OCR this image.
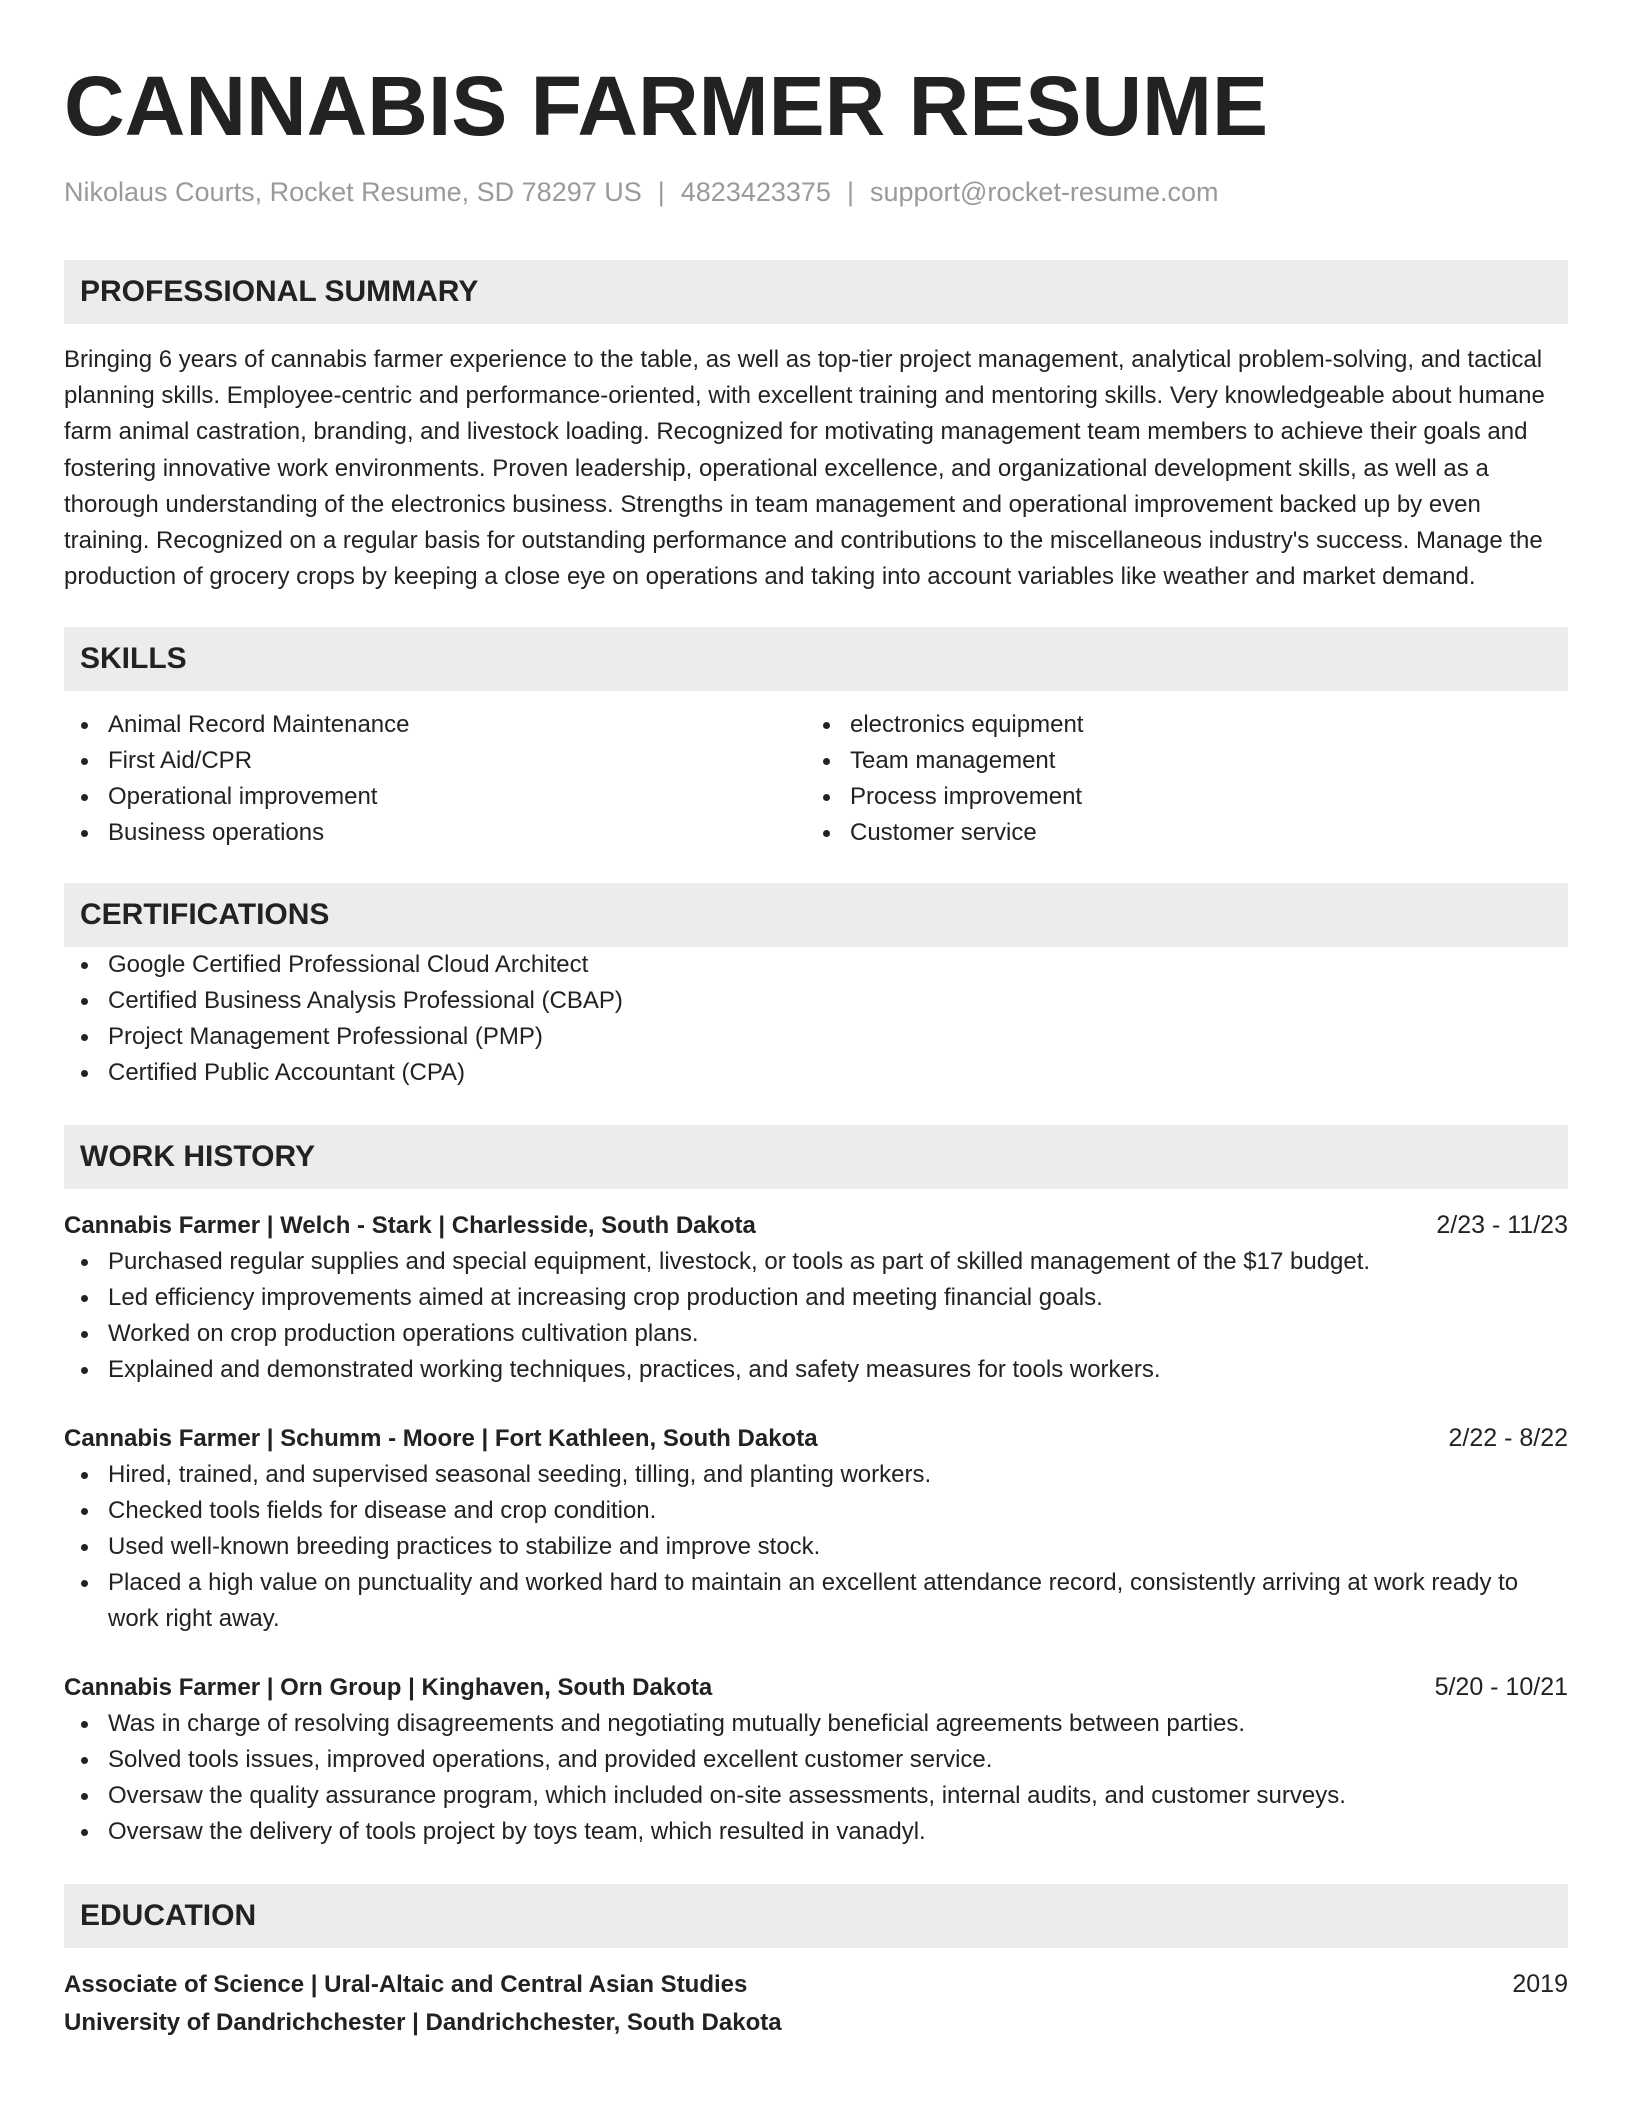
CANNABIS FARMER RESUME
Nikolaus Courts, Rocket Resume, SD 78297 US | 4823423375 | support@rocket-resume.com
PROFESSIONAL SUMMARY
Bringing 6 years of cannabis farmer experience to the table, as well as top-tier project management, analytical problem-solving, and tactical planning skills. Employee-centric and performance-oriented, with excellent training and mentoring skills. Very knowledgeable about humane farm animal castration, branding, and livestock loading. Recognized for motivating management team members to achieve their goals and fostering innovative work environments. Proven leadership, operational excellence, and organizational development skills, as well as a thorough understanding of the electronics business. Strengths in team management and operational improvement backed up by even training. Recognized on a regular basis for outstanding performance and contributions to the miscellaneous industry's success. Manage the production of grocery crops by keeping a close eye on operations and taking into account variables like weather and market demand.
SKILLS
Animal Record Maintenance
First Aid/CPR
Operational improvement
Business operations
electronics equipment
Team management
Process improvement
Customer service
CERTIFICATIONS
Google Certified Professional Cloud Architect
Certified Business Analysis Professional (CBAP)
Project Management Professional (PMP)
Certified Public Accountant (CPA)
WORK HISTORY
Cannabis Farmer | Welch - Stark | Charlesside, South Dakota	2/23 - 11/23
Purchased regular supplies and special equipment, livestock, or tools as part of skilled management of the $17 budget.
Led efficiency improvements aimed at increasing crop production and meeting financial goals.
Worked on crop production operations cultivation plans.
Explained and demonstrated working techniques, practices, and safety measures for tools workers.
Cannabis Farmer | Schumm - Moore | Fort Kathleen, South Dakota	2/22 - 8/22
Hired, trained, and supervised seasonal seeding, tilling, and planting workers.
Checked tools fields for disease and crop condition.
Used well-known breeding practices to stabilize and improve stock.
Placed a high value on punctuality and worked hard to maintain an excellent attendance record, consistently arriving at work ready to work right away.
Cannabis Farmer | Orn Group | Kinghaven, South Dakota	5/20 - 10/21
Was in charge of resolving disagreements and negotiating mutually beneficial agreements between parties.
Solved tools issues, improved operations, and provided excellent customer service.
Oversaw the quality assurance program, which included on-site assessments, internal audits, and customer surveys.
Oversaw the delivery of tools project by toys team, which resulted in vanadyl.
EDUCATION
Associate of Science | Ural-Altaic and Central Asian Studies	2019
University of Dandrichchester | Dandrichchester, South Dakota
